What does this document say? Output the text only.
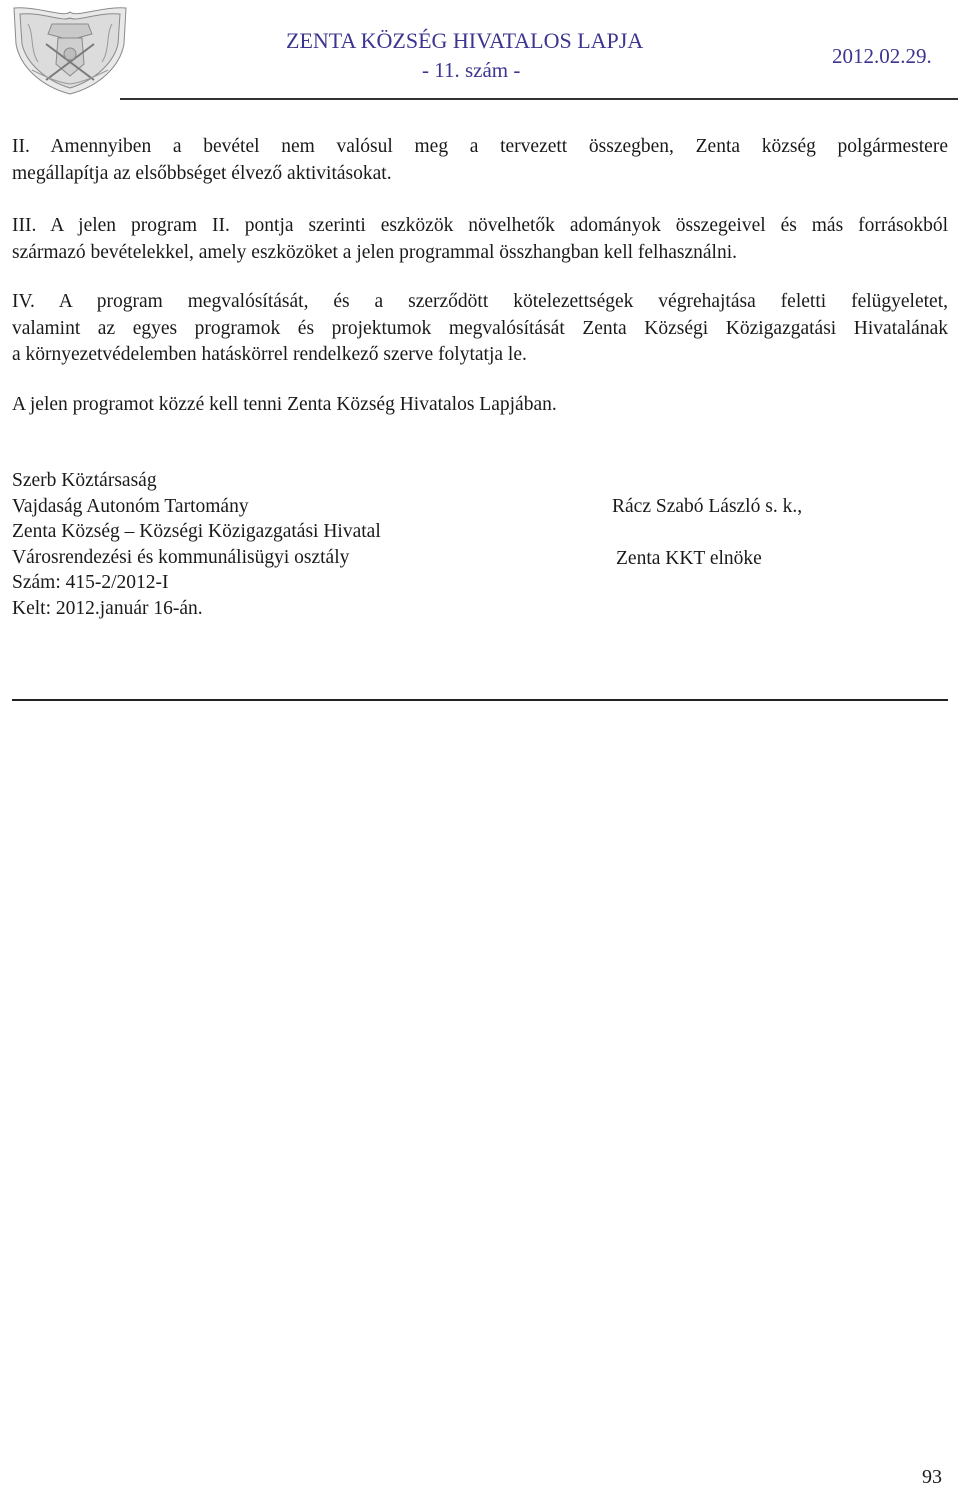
ZENTA KÖZSÉG HIVATALOS LAPJA
- 11. szám -
2012.02.29.
II. Amennyiben a bevétel nem valósul meg a tervezett összegben, Zenta község polgármestere
megállapítja az elsőbbséget élvező aktivitásokat.
III. A jelen program II. pontja szerinti eszközök növelhetők adományok összegeivel és más forrásokból
származó bevételekkel, amely eszközöket a jelen programmal összhangban kell felhasználni.
IV. A program megvalósítását, és a szerződött kötelezettségek végrehajtása feletti felügyeletet,
valamint az egyes programok és projektumok megvalósítását Zenta Községi Közigazgatási Hivatalának
a környezetvédelemben hatáskörrel rendelkező szerve folytatja le.
A jelen programot közzé kell tenni Zenta Község Hivatalos Lapjában.
Szerb Köztársaság
Vajdaság Autonóm Tartomány
Zenta Község – Községi Közigazgatási Hivatal
Városrendezési és kommunálisügyi osztály
Szám: 415-2/2012-I
Kelt: 2012.január 16-án.
Rácz Szabó László s. k.,
Zenta KKT elnöke
93
